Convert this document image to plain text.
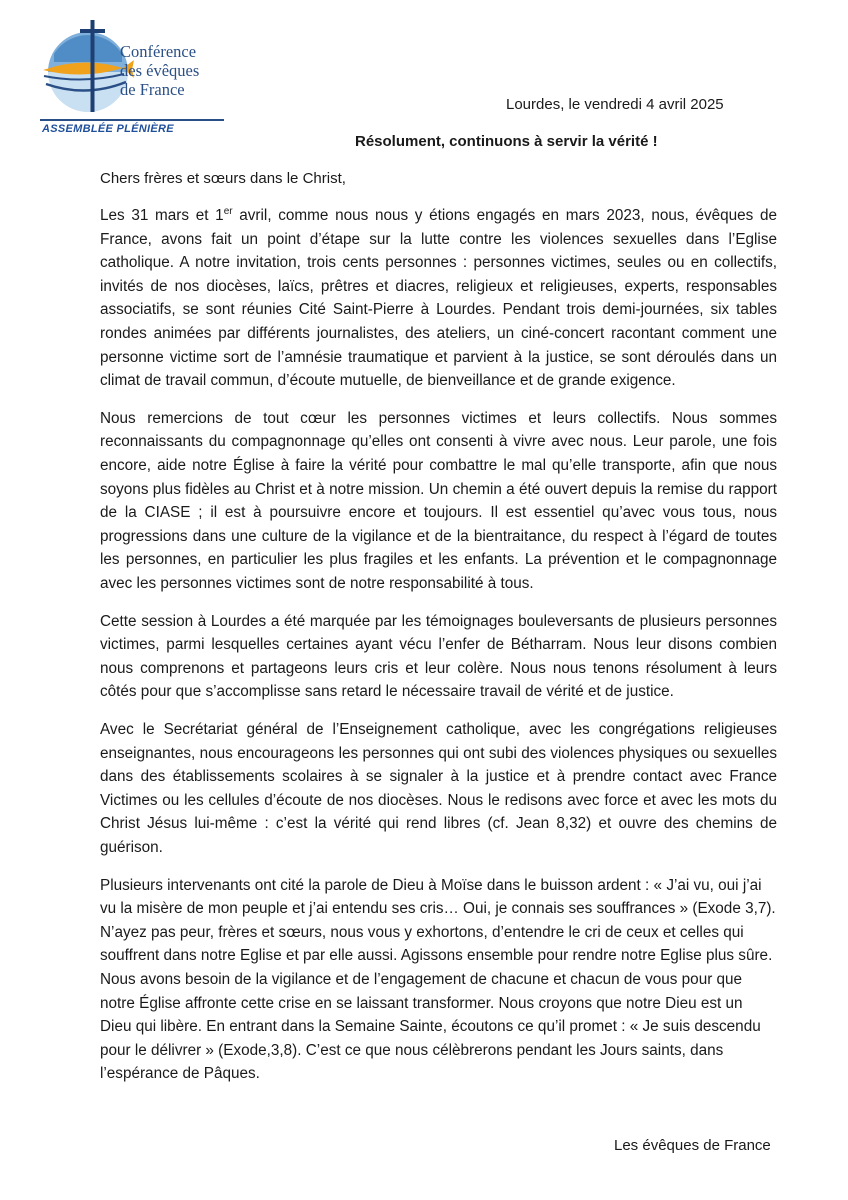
Conférence
des évêques
de France
ASSEMBLÉE PLÉNIÈRE
Lourdes, le vendredi 4 avril 2025
Résolument, continuons à servir la vérité !
Chers frères et sœurs dans le Christ,

Les 31 mars et 1er avril, comme nous nous y étions engagés en mars 2023, nous, évêques de France, avons fait un point d’étape sur la lutte contre les violences sexuelles dans l’Eglise catholique. A notre invitation, trois cents personnes : personnes victimes, seules ou en collectifs, invités de nos diocèses, laïcs, prêtres et diacres, religieux et religieuses, experts, responsables associatifs, se sont réunies Cité Saint-Pierre à Lourdes. Pendant trois demi-journées, six tables rondes animées par différents journalistes, des ateliers, un ciné-concert racontant comment une personne victime sort de l’amnésie traumatique et parvient à la justice, se sont déroulés dans un climat de travail commun, d’écoute mutuelle, de bienveillance et de grande exigence.

Nous remercions de tout cœur les personnes victimes et leurs collectifs. Nous sommes reconnaissants du compagnonnage qu’elles ont consenti à vivre avec nous. Leur parole, une fois encore, aide notre Église à faire la vérité pour combattre le mal qu’elle transporte, afin que nous soyons plus fidèles au Christ et à notre mission. Un chemin a été ouvert depuis la remise du rapport de la CIASE ; il est à poursuivre encore et toujours. Il est essentiel qu’avec vous tous, nous progressions dans une culture de la vigilance et de la bientraitance, du respect à l’égard de toutes les personnes, en particulier les plus fragiles et les enfants. La prévention et le compagnonnage avec les personnes victimes sont de notre responsabilité à tous.

Cette session à Lourdes a été marquée par les témoignages bouleversants de plusieurs personnes victimes, parmi lesquelles certaines ayant vécu l’enfer de Bétharram. Nous leur disons combien nous comprenons et partageons leurs cris et leur colère. Nous nous tenons résolument à leurs côtés pour que s’accomplisse sans retard le nécessaire travail de vérité et de justice.

Avec le Secrétariat général de l’Enseignement catholique, avec les congrégations religieuses enseignantes, nous encourageons les personnes qui ont subi des violences physiques ou sexuelles dans des établissements scolaires à se signaler à la justice et à prendre contact avec France Victimes ou les cellules d’écoute de nos diocèses. Nous le redisons avec force et avec les mots du Christ Jésus lui-même : c’est la vérité qui rend libres (cf. Jean 8,32) et ouvre des chemins de guérison.

Plusieurs intervenants ont cité la parole de Dieu à Moïse dans le buisson ardent : « J’ai vu, oui j’ai vu la misère de mon peuple et j’ai entendu ses cris… Oui, je connais ses souffrances » (Exode 3,7). N’ayez pas peur, frères et sœurs, nous vous y exhortons, d’entendre le cri de ceux et celles qui souffrent dans notre Eglise et par elle aussi. Agissons ensemble pour rendre notre Eglise plus sûre. Nous avons besoin de la vigilance et de l’engagement de chacune et chacun de vous pour que notre Église affronte cette crise en se laissant transformer. Nous croyons que notre Dieu est un Dieu qui libère. En entrant dans la Semaine Sainte, écoutons ce qu’il promet : « Je suis descendu pour le délivrer » (Exode,3,8). C’est ce que nous célèbrerons pendant les Jours saints, dans l’espérance de Pâques.

Les évêques de France
